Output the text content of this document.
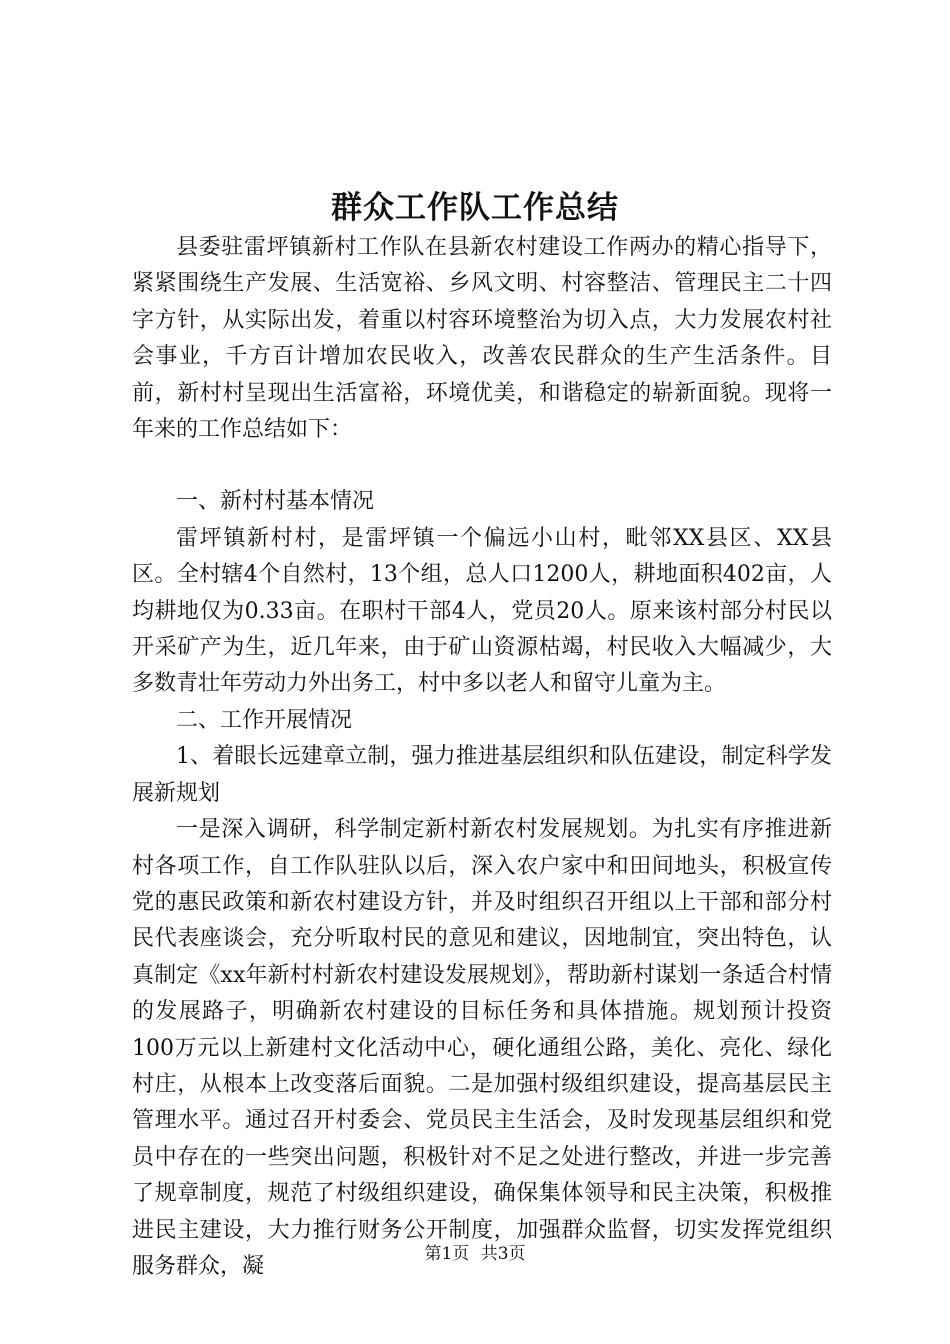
群众工作队工作总结

县委驻雷坪镇新村工作队在县新农村建设工作两办的精心指导下，紧紧围绕生产发展、生活宽裕、乡风文明、村容整洁、管理民主二十四字方针，从实际出发，着重以村容环境整治为切入点，大力发展农村社会事业，千方百计增加农民收入，改善农民群众的生产生活条件。目前，新村村呈现出生活富裕，环境优美，和谐稳定的崭新面貌。现将一年来的工作总结如下：

一、新村村基本情况

雷坪镇新村村，是雷坪镇一个偏远小山村，毗邻XX县区、XX县区。全村辖4个自然村，13个组，总人口1200人，耕地面积402亩，人均耕地仅为0.33亩。在职村干部4人，党员20人。原来该村部分村民以开采矿产为生，近几年来，由于矿山资源枯竭，村民收入大幅减少，大多数青壮年劳动力外出务工，村中多以老人和留守儿童为主。

二、工作开展情况

1、着眼长远建章立制，强力推进基层组织和队伍建设，制定科学发展新规划

一是深入调研，科学制定新村新农村发展规划。为扎实有序推进新村各项工作，自工作队驻队以后，深入农户家中和田间地头，积极宣传党的惠民政策和新农村建设方针，并及时组织召开组以上干部和部分村民代表座谈会，充分听取村民的意见和建议，因地制宜，突出特色，认真制定《xx年新村村新农村建设发展规划》，帮助新村谋划一条适合村情的发展路子，明确新农村建设的目标任务和具体措施。规划预计投资100万元以上新建村文化活动中心，硬化通组公路，美化、亮化、绿化村庄，从根本上改变落后面貌。二是加强村级组织建设，提高基层民主管理水平。通过召开村委会、党员民主生活会，及时发现基层组织和党员中存在的一些突出问题，积极针对不足之处进行整改，并进一步完善了规章制度，规范了村级组织建设，确保集体领导和民主决策，积极推进民主建设，大力推行财务公开制度，加强群众监督，切实发挥党组织服务群众，凝	第1页 共3页
